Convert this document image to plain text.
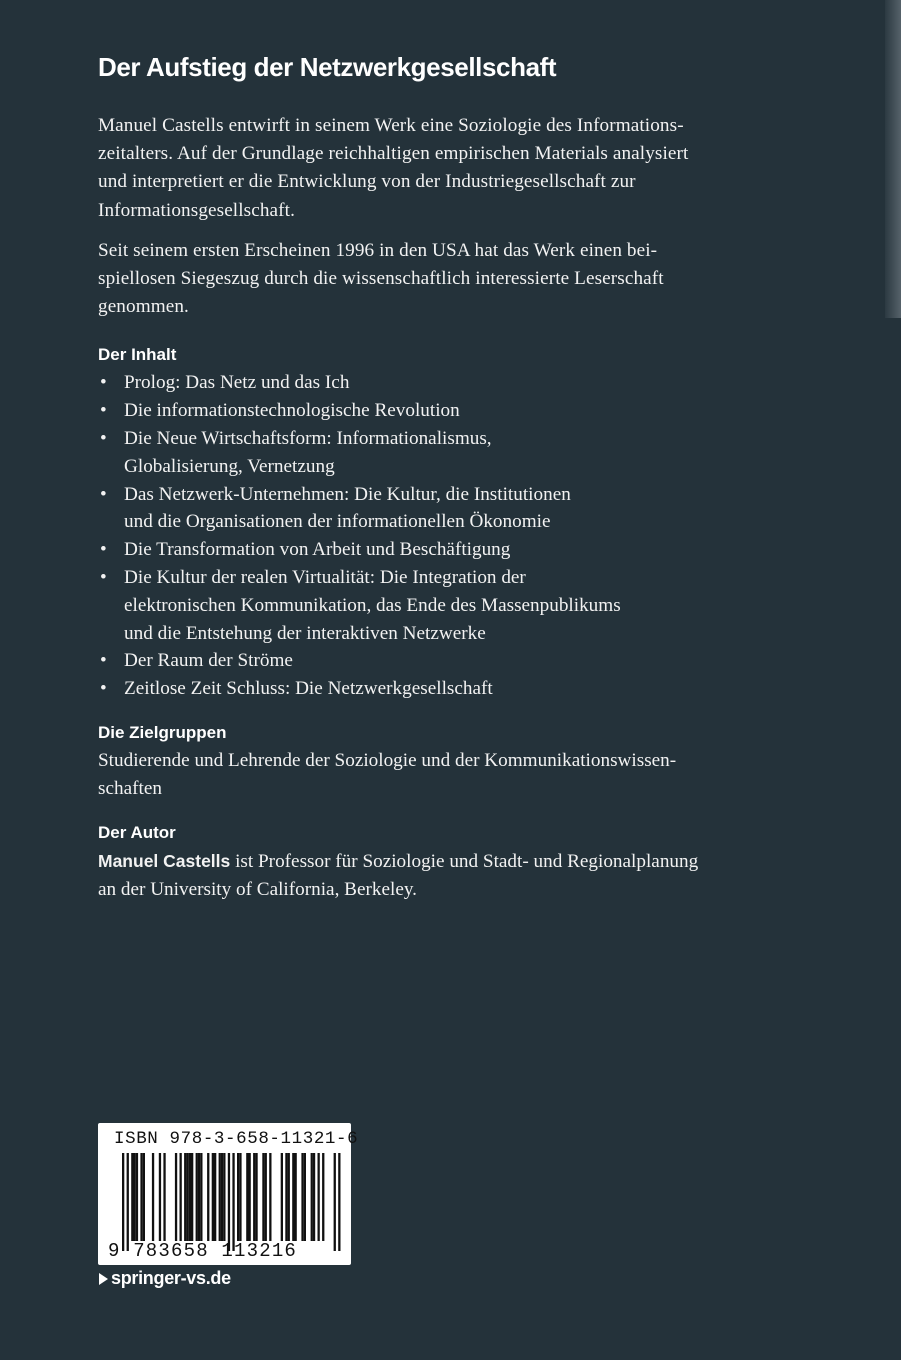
Der Aufstieg der Netzwerkgesellschaft

Manuel Castells entwirft in seinem Werk eine Soziologie des Informations-
zeitalters. Auf der Grundlage reichhaltigen empirischen Materials analysiert
und interpretiert er die Entwicklung von der Industriegesellschaft zur
Informationsgesellschaft.

Seit seinem ersten Erscheinen 1996 in den USA hat das Werk einen bei-
spiellosen Siegeszug durch die wissenschaftlich interessierte Leserschaft
genommen.

Der Inhalt
• Prolog: Das Netz und das Ich
• Die informationstechnologische Revolution
• Die Neue Wirtschaftsform: Informationalismus,
Globalisierung, Vernetzung
• Das Netzwerk-Unternehmen: Die Kultur, die Institutionen
und die Organisationen der informationellen Ökonomie
• Die Transformation von Arbeit und Beschäftigung
• Die Kultur der realen Virtualität: Die Integration der
elektronischen Kommunikation, das Ende des Massenpublikums
und die Entstehung der interaktiven Netzwerke
• Der Raum der Ströme
• Zeitlose Zeit Schluss: Die Netzwerkgesellschaft
Die Zielgruppen
Studierende und Lehrende der Soziologie und der Kommunikationswissen-
schaften
Der Autor
Manuel Castells ist Professor für Soziologie und Stadt- und Regionalplanung
an der University of California, Berkeley.
ISBN 978-3-658-11321-6
9 783658 113216
springer-vs.de
